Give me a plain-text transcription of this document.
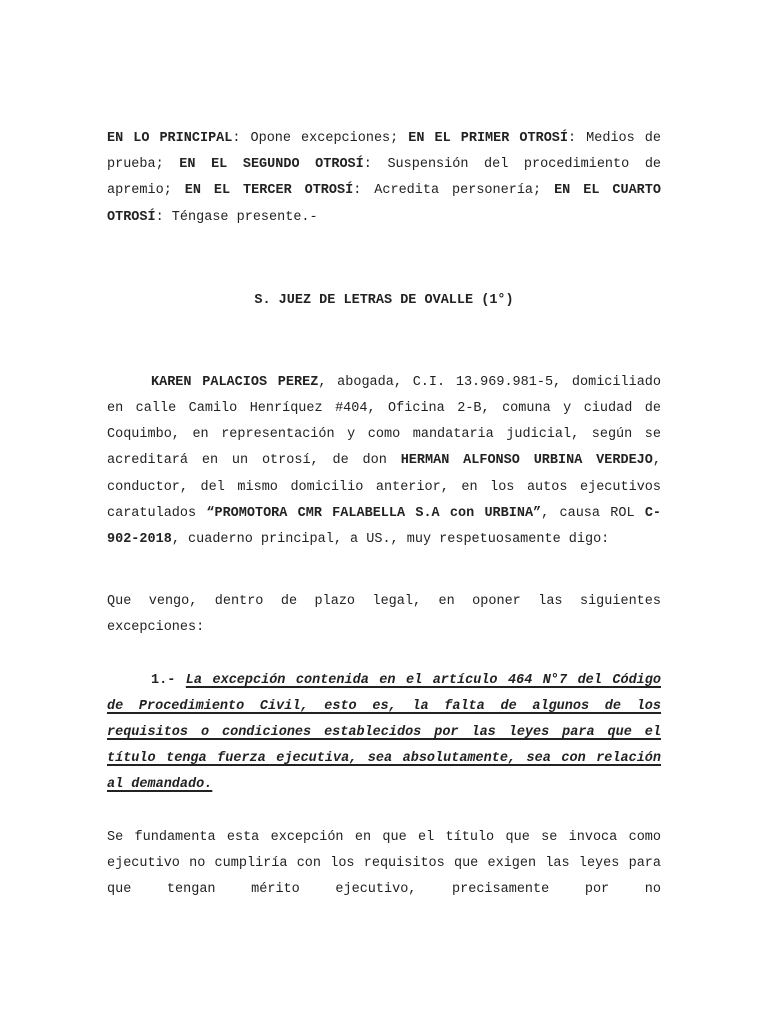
EN LO PRINCIPAL: Opone excepciones; EN EL PRIMER OTROSÍ: Medios de prueba; EN EL SEGUNDO OTROSÍ: Suspensión del procedimiento de apremio; EN EL TERCER OTROSÍ: Acredita personería; EN EL CUARTO OTROSÍ: Téngase presente.-

S. JUEZ DE LETRAS DE OVALLE (1°)

KAREN PALACIOS PEREZ, abogada, C.I. 13.969.981-5, domiciliado en calle Camilo Henríquez #404, Oficina 2-B, comuna y ciudad de Coquimbo, en representación y como mandataria judicial, según se acreditará en un otrosí, de don HERMAN ALFONSO URBINA VERDEJO, conductor, del mismo domicilio anterior, en los autos ejecutivos caratulados “PROMOTORA CMR FALABELLA S.A con URBINA”, causa ROL C-902-2018, cuaderno principal, a US., muy respetuosamente digo:

Que vengo, dentro de plazo legal, en oponer las siguientes excepciones:

1.- La excepción contenida en el artículo 464 N°7 del Código de Procedimiento Civil, esto es, la falta de algunos de los requisitos o condiciones establecidos por las leyes para que el título tenga fuerza ejecutiva, sea absolutamente, sea con relación al demandado.

Se fundamenta esta excepción en que el título que se invoca como ejecutivo no cumpliría con los requisitos que exigen las leyes para que tengan mérito ejecutivo, precisamente por no
